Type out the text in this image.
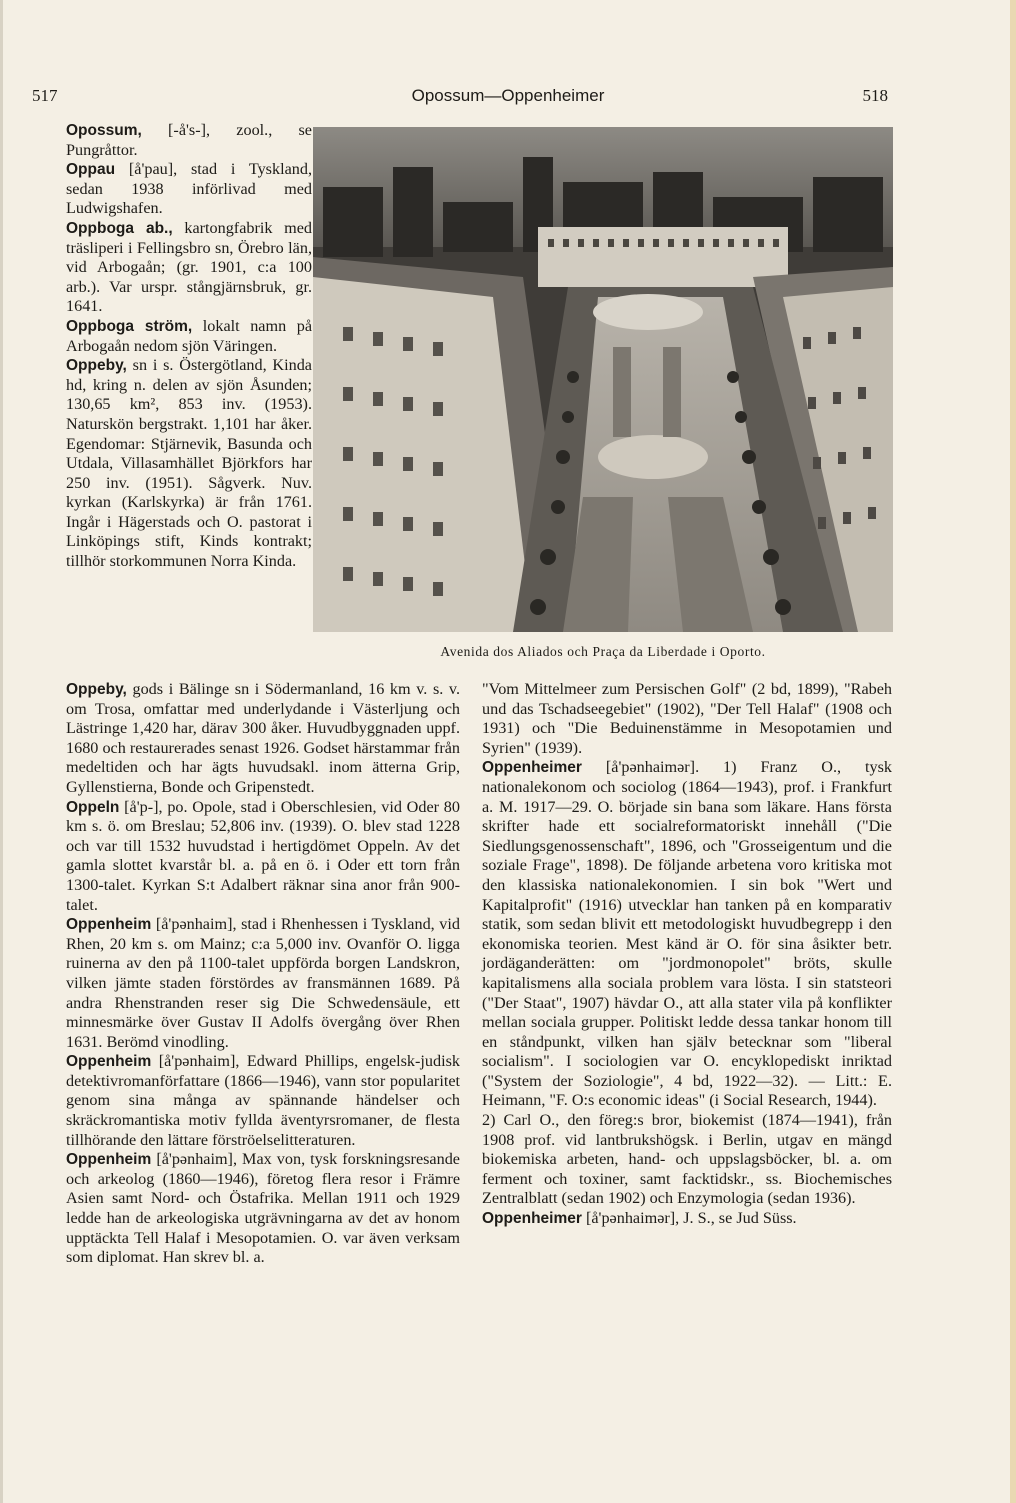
517	Opossum—Oppenheimer	518

Opossum, [-å's-], zool., se Pungråttor.

Oppau [å'pau], stad i Tyskland, sedan 1938 införlivad med Ludwigshafen.

Oppboga ab., kartongfabrik med träsliperi i Fellingsbro sn, Örebro län, vid Arbogaån; (gr. 1901, c:a 100 arb.). Var urspr. stångjärnsbruk, gr. 1641.

Oppboga ström, lokalt namn på Arbogaån nedom sjön Väringen.

Oppeby, sn i s. Östergötland, Kinda hd, kring n. delen av sjön Åsunden; 130,65 km², 853 inv. (1953). Naturskön bergstrakt. 1,101 har åker. Egendomar: Stjärnevik, Basunda och Utdala, Villasamhället Björkfors har 250 inv. (1951). Sågverk. Nuv. kyrkan (Karlskyrka) är från 1761. Ingår i Hägerstads och O. pastorat i Linköpings stift, Kinds kontrakt; tillhör storkommunen Norra Kinda.

Avenida dos Aliados och Praça da Liberdade i Oporto.

Oppeby, gods i Bälinge sn i Södermanland, 16 km v. s. v. om Trosa, omfattar med underlydande i Västerljung och Lästringe 1,420 har, därav 300 åker. Huvudbyggnaden uppf. 1680 och restaurerades senast 1926. Godset härstammar från medeltiden och har ägts huvudsakl. inom ätterna Grip, Gyllenstierna, Bonde och Gripenstedt.

Oppeln [å'p-], po. Opole, stad i Oberschlesien, vid Oder 80 km s. ö. om Breslau; 52,806 inv. (1939). O. blev stad 1228 och var till 1532 huvudstad i hertigdömet Oppeln. Av det gamla slottet kvarstår bl. a. på en ö. i Oder ett torn från 1300-talet. Kyrkan S:t Adalbert räknar sina anor från 900-talet.

Oppenheim [å'pənhaim], stad i Rhenhessen i Tyskland, vid Rhen, 20 km s. om Mainz; c:a 5,000 inv. Ovanför O. ligga ruinerna av den på 1100-talet uppförda borgen Landskron, vilken jämte staden förstördes av fransmännen 1689. På andra Rhenstranden reser sig Die Schwedensäule, ett minnesmärke över Gustav II Adolfs övergång över Rhen 1631. Berömd vinodling.

Oppenheim [å'pənhaim], Edward Phillips, engelsk-judisk detektivromanförfattare (1866—1946), vann stor popularitet genom sina många av spännande händelser och skräckromantiska motiv fyllda äventyrsromaner, de flesta tillhörande den lättare förströelselitteraturen.

Oppenheim [å'pənhaim], Max von, tysk forskningsresande och arkeolog (1860—1946), företog flera resor i Främre Asien samt Nord- och Östafrika. Mellan 1911 och 1929 ledde han de arkeologiska utgrävningarna av det av honom upptäckta Tell Halaf i Mesopotamien. O. var även verksam som diplomat. Han skrev bl. a.

"Vom Mittelmeer zum Persischen Golf" (2 bd, 1899), "Rabeh und das Tschadseegebiet" (1902), "Der Tell Halaf" (1908 och 1931) och "Die Beduinenstämme in Mesopotamien und Syrien" (1939).

Oppenheimer [å'pənhaimər]. 1) Franz O., tysk nationalekonom och sociolog (1864—1943), prof. i Frankfurt a. M. 1917—29. O. började sin bana som läkare. Hans första skrifter hade ett socialreformatoriskt innehåll ("Die Siedlungsgenossenschaft", 1896, och "Grosseigentum und die soziale Frage", 1898). De följande arbetena voro kritiska mot den klassiska nationalekonomien. I sin bok "Wert und Kapitalprofit" (1916) utvecklar han tanken på en komparativ statik, som sedan blivit ett metodologiskt huvudbegrepp i den ekonomiska teorien. Mest känd är O. för sina åsikter betr. jordäganderätten: om "jordmonopolet" bröts, skulle kapitalismens alla sociala problem vara lösta. I sin statsteori ("Der Staat", 1907) hävdar O., att alla stater vila på konflikter mellan sociala grupper. Politiskt ledde dessa tankar honom till en ståndpunkt, vilken han själv betecknar som "liberal socialism". I sociologien var O. encyklopediskt inriktad ("System der Soziologie", 4 bd, 1922—32). — Litt.: E. Heimann, "F. O:s economic ideas" (i Social Research, 1944).

2) Carl O., den föreg:s bror, biokemist (1874—1941), från 1908 prof. vid lantbrukshögsk. i Berlin, utgav en mängd biokemiska arbeten, hand- och uppslagsböcker, bl. a. om ferment och toxiner, samt facktidskr., ss. Biochemisches Zentralblatt (sedan 1902) och Enzymologia (sedan 1936).

Oppenheimer [å'pənhaimər], J. S., se Jud Süss.
